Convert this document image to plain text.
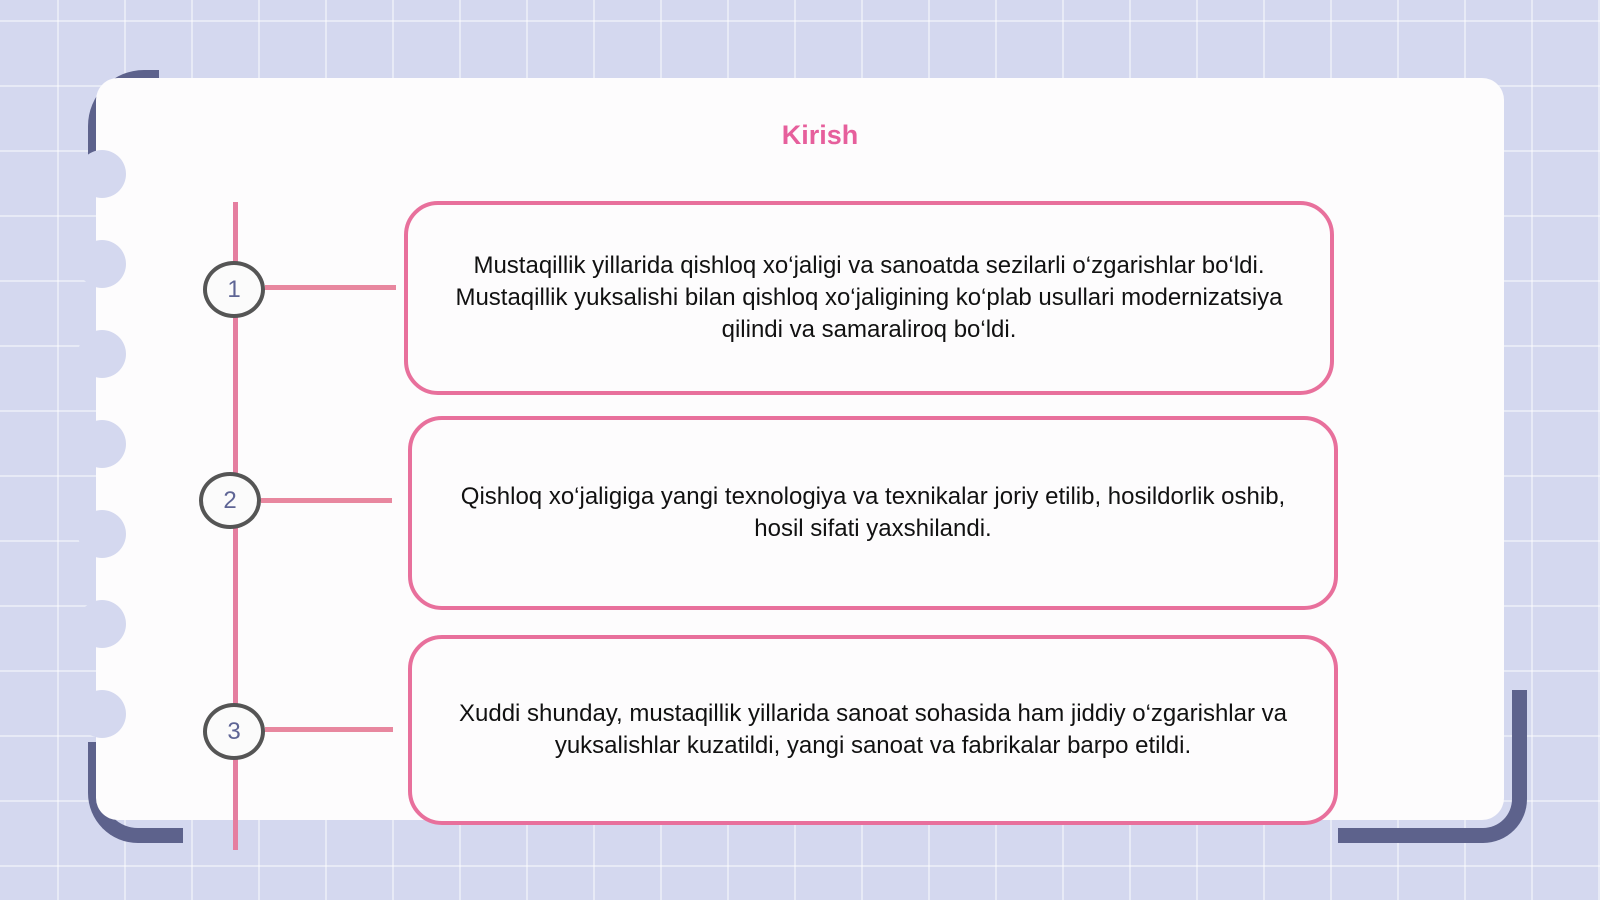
Kirish
1
2
3
Mustaqillik yillarida qishloq xo‘jaligi va sanoatda sezilarli o‘zgarishlar bo‘ldi. Mustaqillik yuksalishi bilan qishloq xo‘jaligining ko‘plab usullari modernizatsiya qilindi va samaraliroq bo‘ldi.
Qishloq xo‘jaligiga yangi texnologiya va texnikalar joriy etilib, hosildorlik oshib, hosil sifati yaxshilandi.
Xuddi shunday, mustaqillik yillarida sanoat sohasida ham jiddiy o‘zgarishlar va yuksalishlar kuzatildi, yangi sanoat va fabrikalar barpo etildi.
